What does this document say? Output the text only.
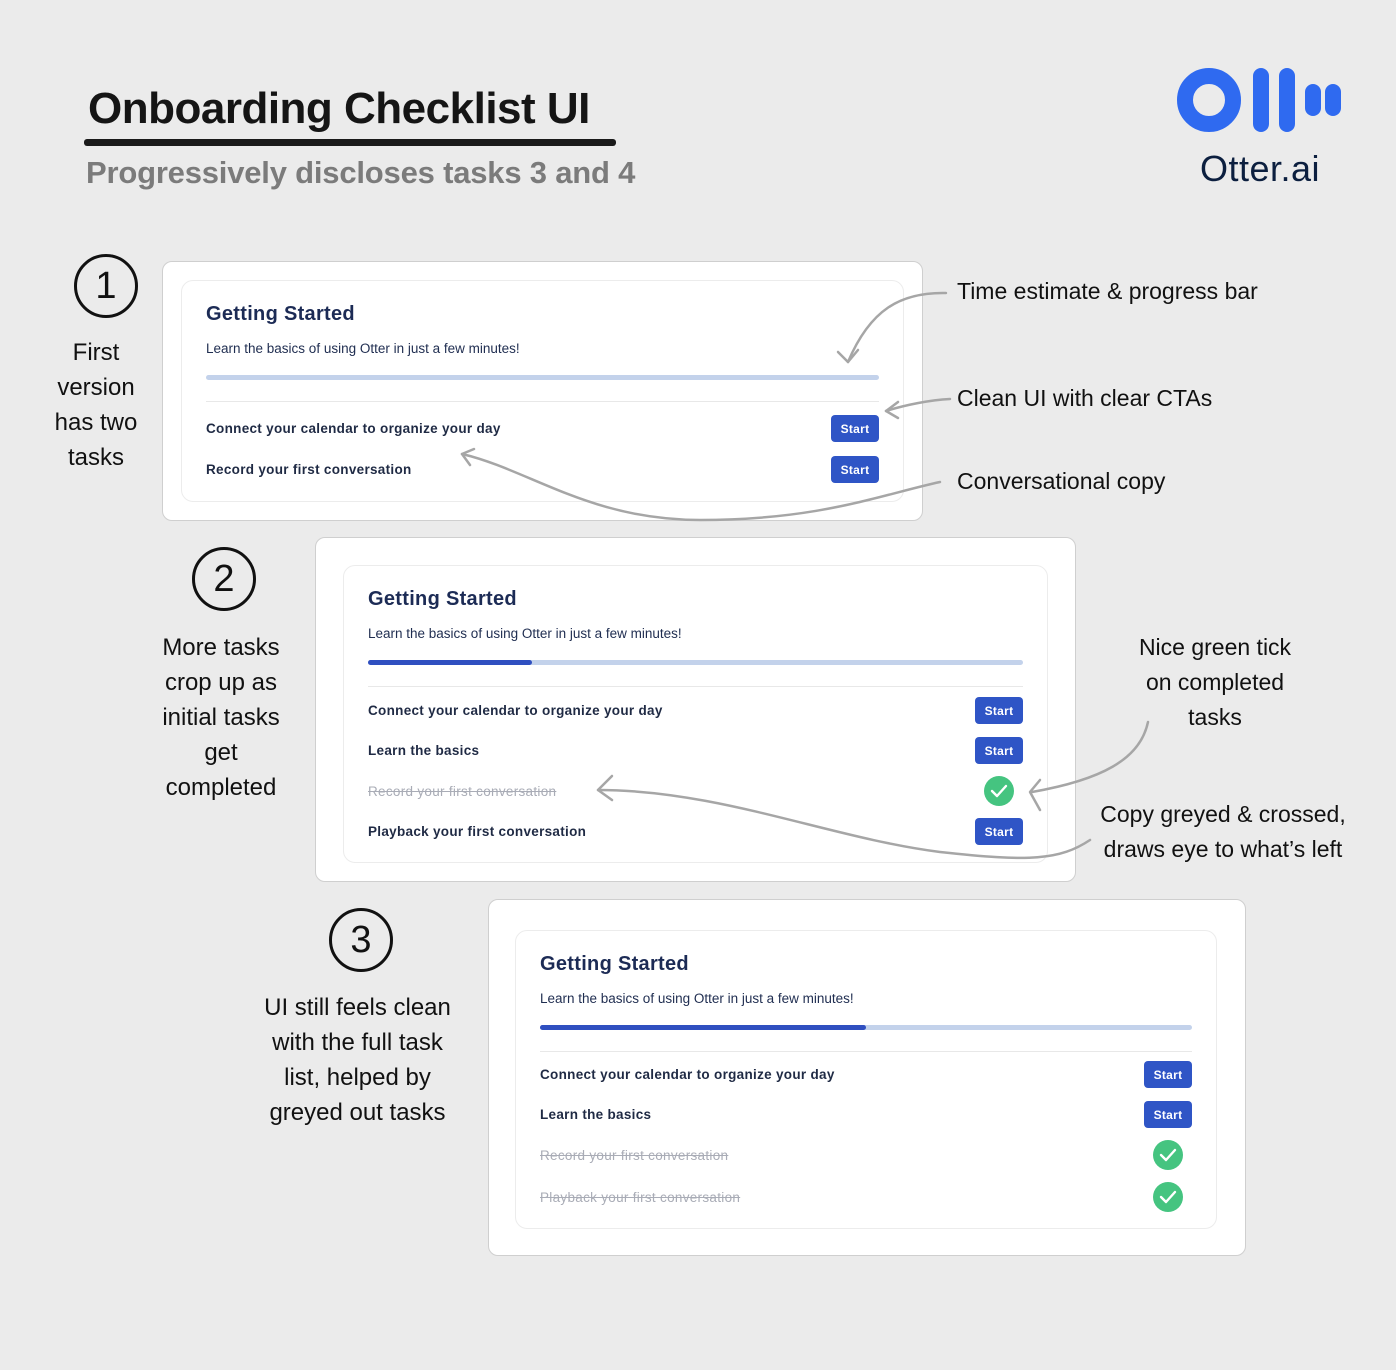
Onboarding Checklist UI
Progressively discloses tasks 3 and 4	Otter.ai
1
First
version
has two
tasks
Getting Started
Learn the basics of using Otter in just a few minutes!
Connect your calendar to organize your day	Start
Record your first conversation	Start
2
More tasks
crop up as
initial tasks
get
completed
Getting Started
Learn the basics of using Otter in just a few minutes!
Connect your calendar to organize your day	Start
Learn the basics	Start
Record your first conversation
Playback your first conversation	Start
3
UI still feels clean
with the full task
list, helped by
greyed out tasks
Getting Started
Learn the basics of using Otter in just a few minutes!
Connect your calendar to organize your day	Start
Learn the basics	Start
Record your first conversation
Playback your first conversation
Time estimate & progress bar
Clean UI with clear CTAs
Conversational copy
Nice green tick
on completed
tasks
Copy greyed & crossed,
draws eye to what’s left
